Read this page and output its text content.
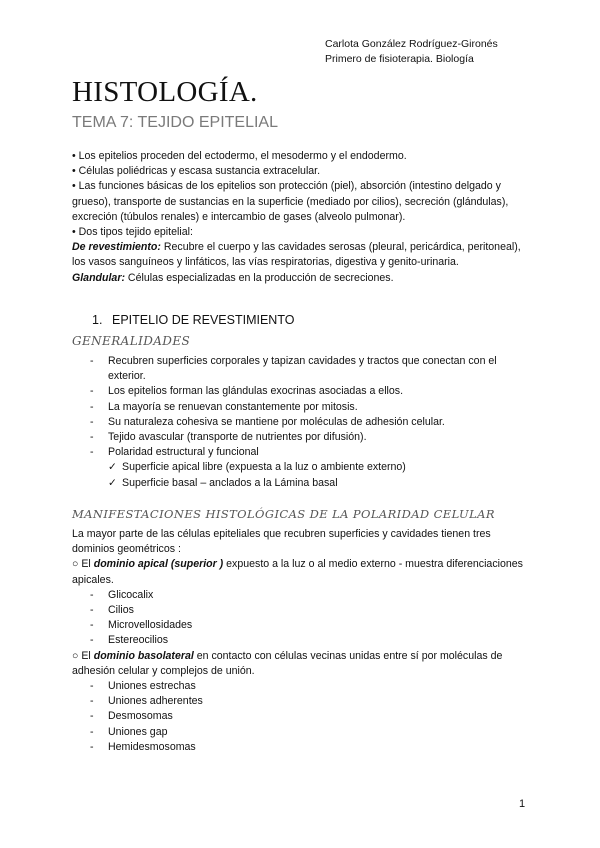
Carlota González Rodríguez-Gironés
Primero de fisioterapia. Biología
HISTOLOGÍA.
TEMA 7: TEJIDO EPITELIAL

• Los epitelios proceden del ectodermo, el mesodermo y el endodermo.

• Células poliédricas y escasa sustancia extracelular.

• Las funciones básicas de los epitelios son protección (piel), absorción (intestino delgado y grueso), transporte de sustancias en la superficie (mediado por cilios), secreción (glándulas), excreción (túbulos renales) e intercambio de gases (alveolo pulmonar).

• Dos tipos tejido epitelial:

De revestimiento: Recubre el cuerpo y las cavidades serosas (pleural, pericárdica, peritoneal), los vasos sanguíneos y linfáticos, las vías respiratorias, digestiva y genito-urinaria.

Glandular: Células especializadas en la producción de secreciones.

1. EPITELIO DE REVESTIMIENTO
GENERALIDADES
- Recubren superficies corporales y tapizan cavidades y tractos que conectan con el exterior.
- Los epitelios forman las glándulas exocrinas asociadas a ellos.
- La mayoría se renuevan constantemente por mitosis.
- Su naturaleza cohesiva se mantiene por moléculas de adhesión celular.
- Tejido avascular (transporte de nutrientes por difusión).
- Polaridad estructural y funcional
✓ Superficie apical libre (expuesta a la luz o ambiente externo)
✓ Superficie basal – anclados a la Lámina basal
MANIFESTACIONES HISTOLÓGICAS DE LA POLARIDAD CELULAR

La mayor parte de las células epiteliales que recubren superficies y cavidades tienen tres dominios geométricos :

○ El dominio apical (superior ) expuesto a la luz o al medio externo - muestra diferenciaciones apicales.

- Glicocalix
- Cilios
- Microvellosidades
- Estereocilios

○ El dominio basolateral en contacto con células vecinas unidas entre sí por moléculas de adhesión celular y complejos de unión.

- Uniones estrechas
- Uniones adherentes
- Desmosomas
- Uniones gap
- Hemidesmosomas
1
